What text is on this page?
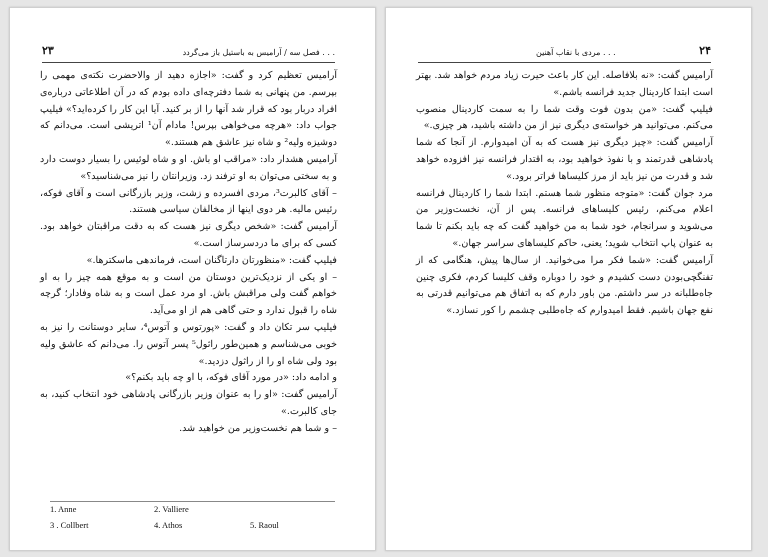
۲۳	فصل سه / آرامیس به باستیل باز می‌گردد . . .

آرامیس تعظیم کرد و گفت: «اجازه دهید از والاحضرت نکته‌ی مهمی را بپرسم. من پنهانی به شما دفترچه‌ای داده بودم که در آن اطلاعاتی درباره‌ی افراد دربار بود که قرار شد آنها را از بر کنید. آیا این کار را کرده‌اید؟» فیلیپ جواب داد: «هرچه می‌خواهی بپرس! مادام آن¹ اتریشی است. می‌دانم که دوشیزه ولیه² و شاه نیز عاشق هم هستند.»

آرامیس هشدار داد: «مراقب او باش. او و شاه لوئیس را بسیار دوست دارد و به سختی می‌توان به او ترفند زد. وزیرانتان را نیز می‌شناسید؟»

– آقای کالبرت³، مردی افسرده و زشت، وزیر بازرگانی است و آقای فوکه، رئیس مالیه. هر دوی اینها از مخالفان سیاسی هستند.

آرامیس گفت: «شخص دیگری نیز هست که به دقت مراقبتان خواهد بود. کسی که برای ما دردسرساز است.»

فیلیپ گفت: «منظورتان دارتاگنان است، فرماندهی ماسکترها.»

– او یکی از نزدیک‌ترین دوستان من است و به موقع همه چیز را به او خواهم گفت ولی مراقبش باش. او مرد عمل است و به شاه وفادار؛ گرچه شاه را قبول ندارد و حتی گاهی هم از او می‌آید.

فیلیپ سر تکان داد و گفت: «پورتوس و آتوس⁴، سایر دوستانت را نیز به خوبی می‌شناسم و همین‌طور راثول⁵ پسر آتوس را. می‌دانم که عاشق ولیه بود ولی شاه او را از راثول دزدید.»

و ادامه داد: «در مورد آقای فوکه، با او چه باید بکنم؟»

آرامیس گفت: «او را به عنوان وزیر بازرگانی پادشاهی خود انتخاب کنید، به جای کالبرت.»

– و شما هم نخست‌وزیر من خواهید شد.

1. Anne	2. Valliere
3 . Collbert	4. Athos	5. Raoul
۲۴
مردی با نقاب آهنین . . .

آرامیس گفت: «نه بلافاصله. این کار باعث حیرت زیاد مردم خواهد شد. بهتر است ابتدا کاردینال جدید فرانسه باشم.»

فیلیپ گفت: «من بدون فوت وقت شما را به سمت کاردینال منصوب می‌کنم. می‌توانید هر خواسته‌ی دیگری نیز از من داشته باشید، هر چیزی.»

آرامیس گفت: «چیز دیگری نیز هست که به آن امیدوارم. از آنجا که شما پادشاهی قدرتمند و با نفوذ خواهید بود، به اقتدار فرانسه نیز افزوده خواهد شد و قدرت من نیز باید از مرز کلیساها فراتر برود.»

مرد جوان گفت: «متوجه منظور شما هستم. ابتدا شما را کاردینال فرانسه اعلام می‌کنم، رئیس کلیساهای فرانسه. پس از آن، نخست‌وزیر من می‌شوید و سرانجام، خود شما به من خواهید گفت که چه باید بکنم تا شما به عنوان پاپ انتخاب شوید؛ یعنی، حاکم کلیساهای سراسر جهان.»

آرامیس گفت: «شما فکر مرا می‌خوانید. از سال‌ها پیش، هنگامی که از تفنگچی‌بودن دست کشیدم و خود را دوباره وقف کلیسا کردم، فکری چنین جاه‌طلبانه در سر داشتم. من باور دارم که به اتفاق هم می‌توانیم قدرتی به نفع جهان باشیم. فقط امیدوارم که جاه‌طلبی چشمم را کور نسازد.»
